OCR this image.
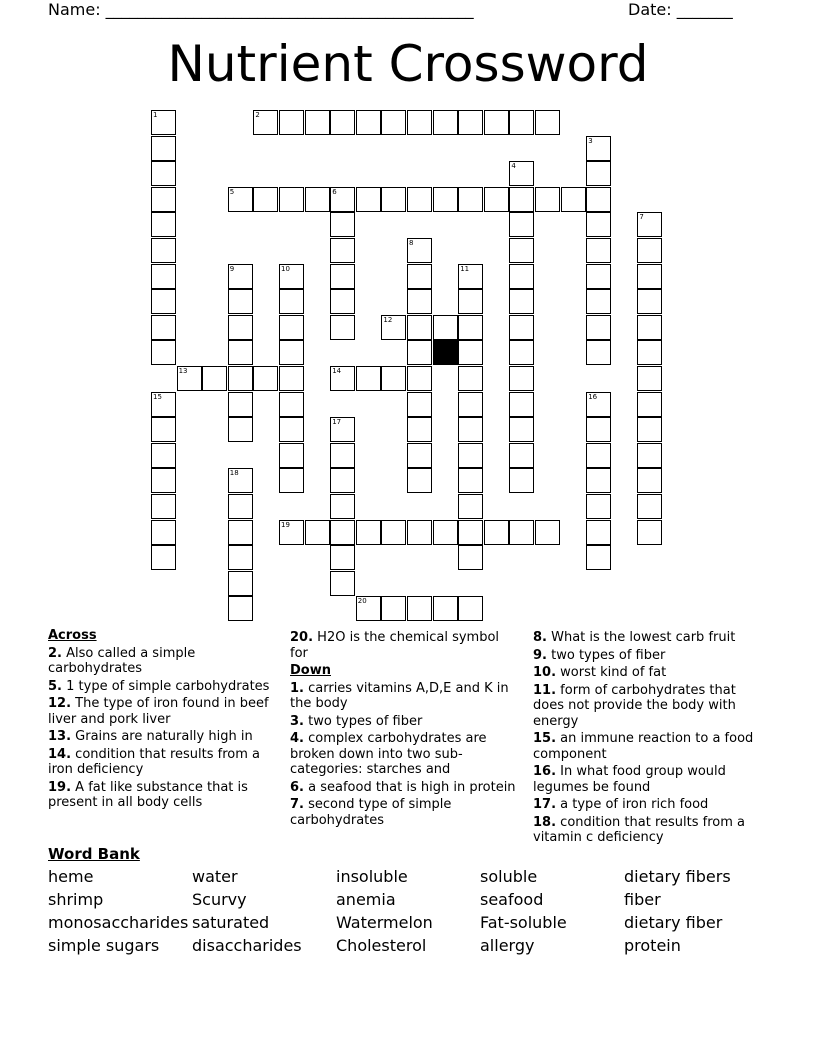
Name: ______________________________________________	Date: _______
Nutrient Crossword
1	2
3
4
5	6
7
8
9	10	11
12
13	14
15	16
17
18
19
20
Across
2. Also called a simple carbohydrates
5. 1 type of simple carbohydrates
12. The type of iron found in beef liver and pork liver
13. Grains are naturally high in
14. condition that results from a iron deficiency
19. A fat like substance that is present in all body cells
20. H2O is the chemical symbol for
Down
1. carries vitamins A,D,E and K in the body
3. two types of fiber
4. complex carbohydrates are broken down into two sub-categories: starches and
6. a seafood that is high in protein
7. second type of simple carbohydrates
8. What is the lowest carb fruit
9. two types of fiber
10. worst kind of fat
11. form of carbohydrates that does not provide the body with energy
15. an immune reaction to a food component
16. In what food group would legumes be found
17. a type of iron rich food
18. condition that results from a vitamin c deficiency
Word Bank
heme	water	insoluble	soluble	dietary fibers
shrimp	Scurvy	anemia	seafood	fiber
monosaccharides saturated	Watermelon	Fat-soluble	dietary fiber
simple sugars	disaccharides	Cholesterol	allergy	protein
